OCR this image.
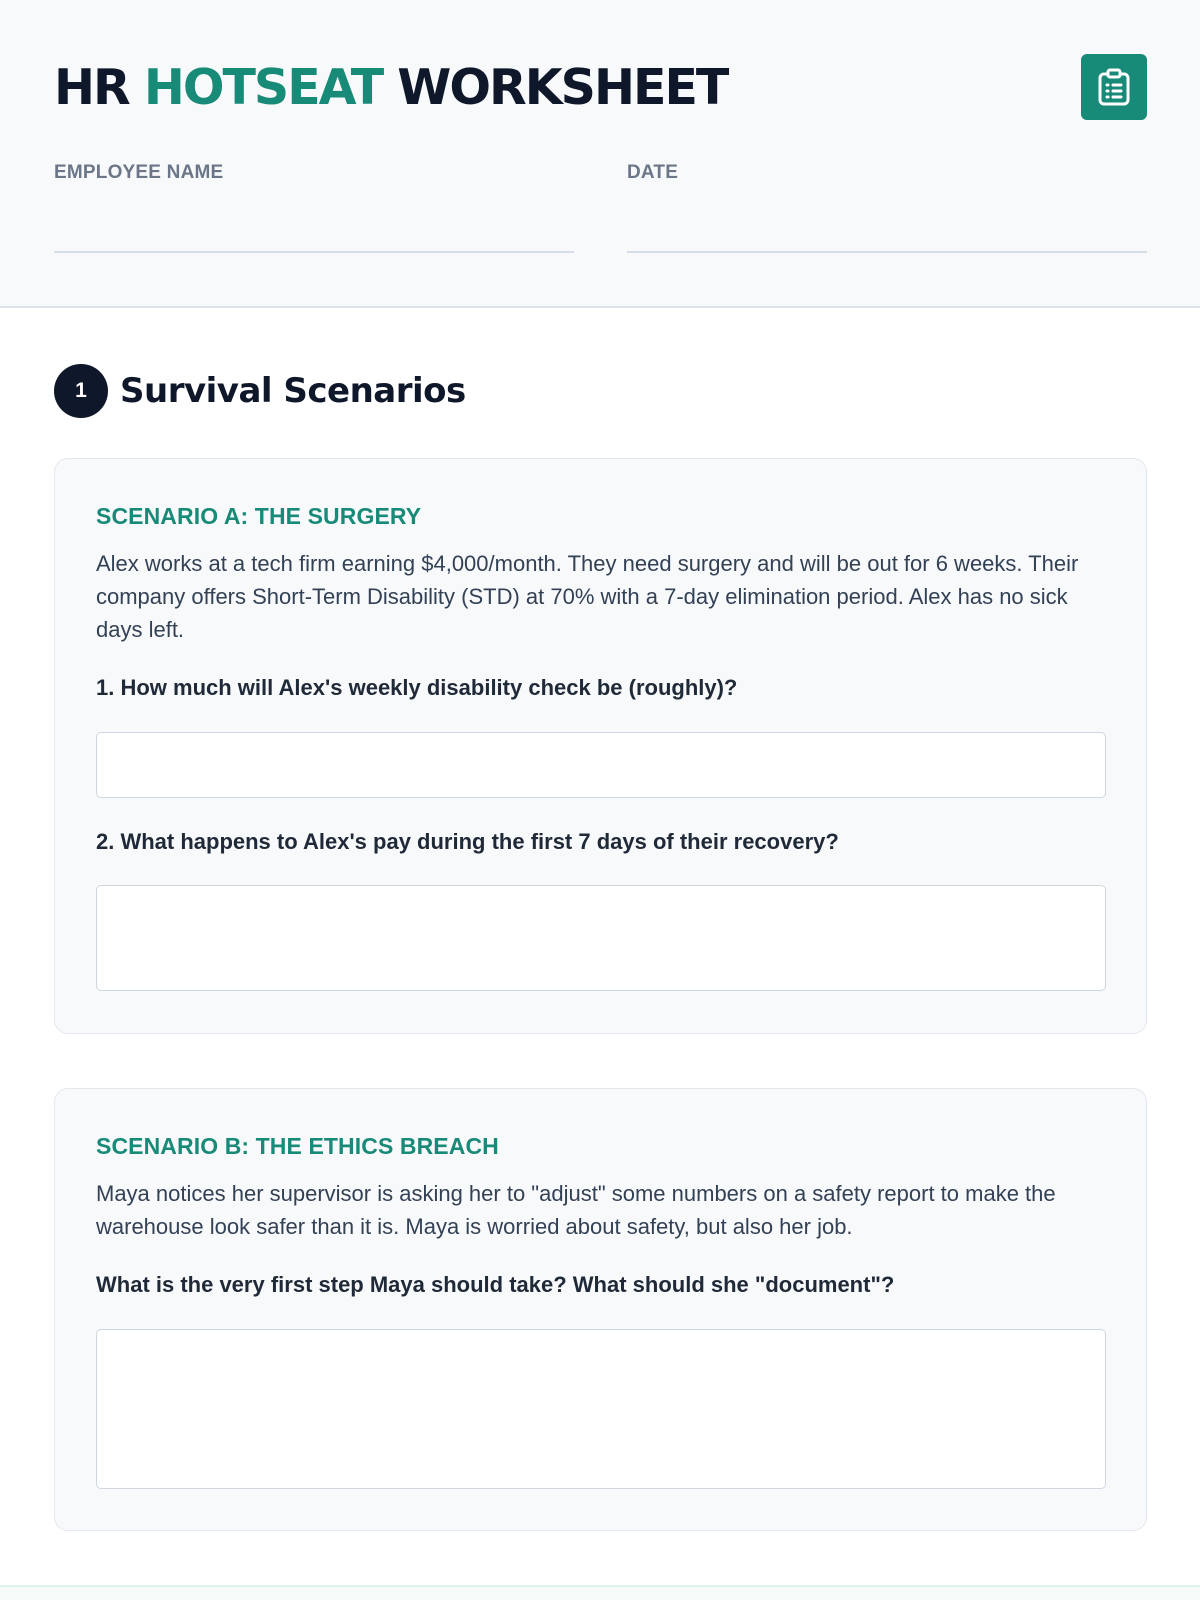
HR HOTSEAT WORKSHEET
EMPLOYEE NAME	DATE
1 Survival Scenarios
SCENARIO A: THE SURGERY
Alex works at a tech firm earning $4,000/month. They need surgery and will be out for 6 weeks. Their company offers Short-Term Disability (STD) at 70% with a 7-day elimination period. Alex has no sick days left.
1. How much will Alex's weekly disability check be (roughly)?
2. What happens to Alex's pay during the first 7 days of their recovery?
SCENARIO B: THE ETHICS BREACH
Maya notices her supervisor is asking her to "adjust" some numbers on a safety report to make the warehouse look safer than it is. Maya is worried about safety, but also her job.
What is the very first step Maya should take? What should she "document"?
